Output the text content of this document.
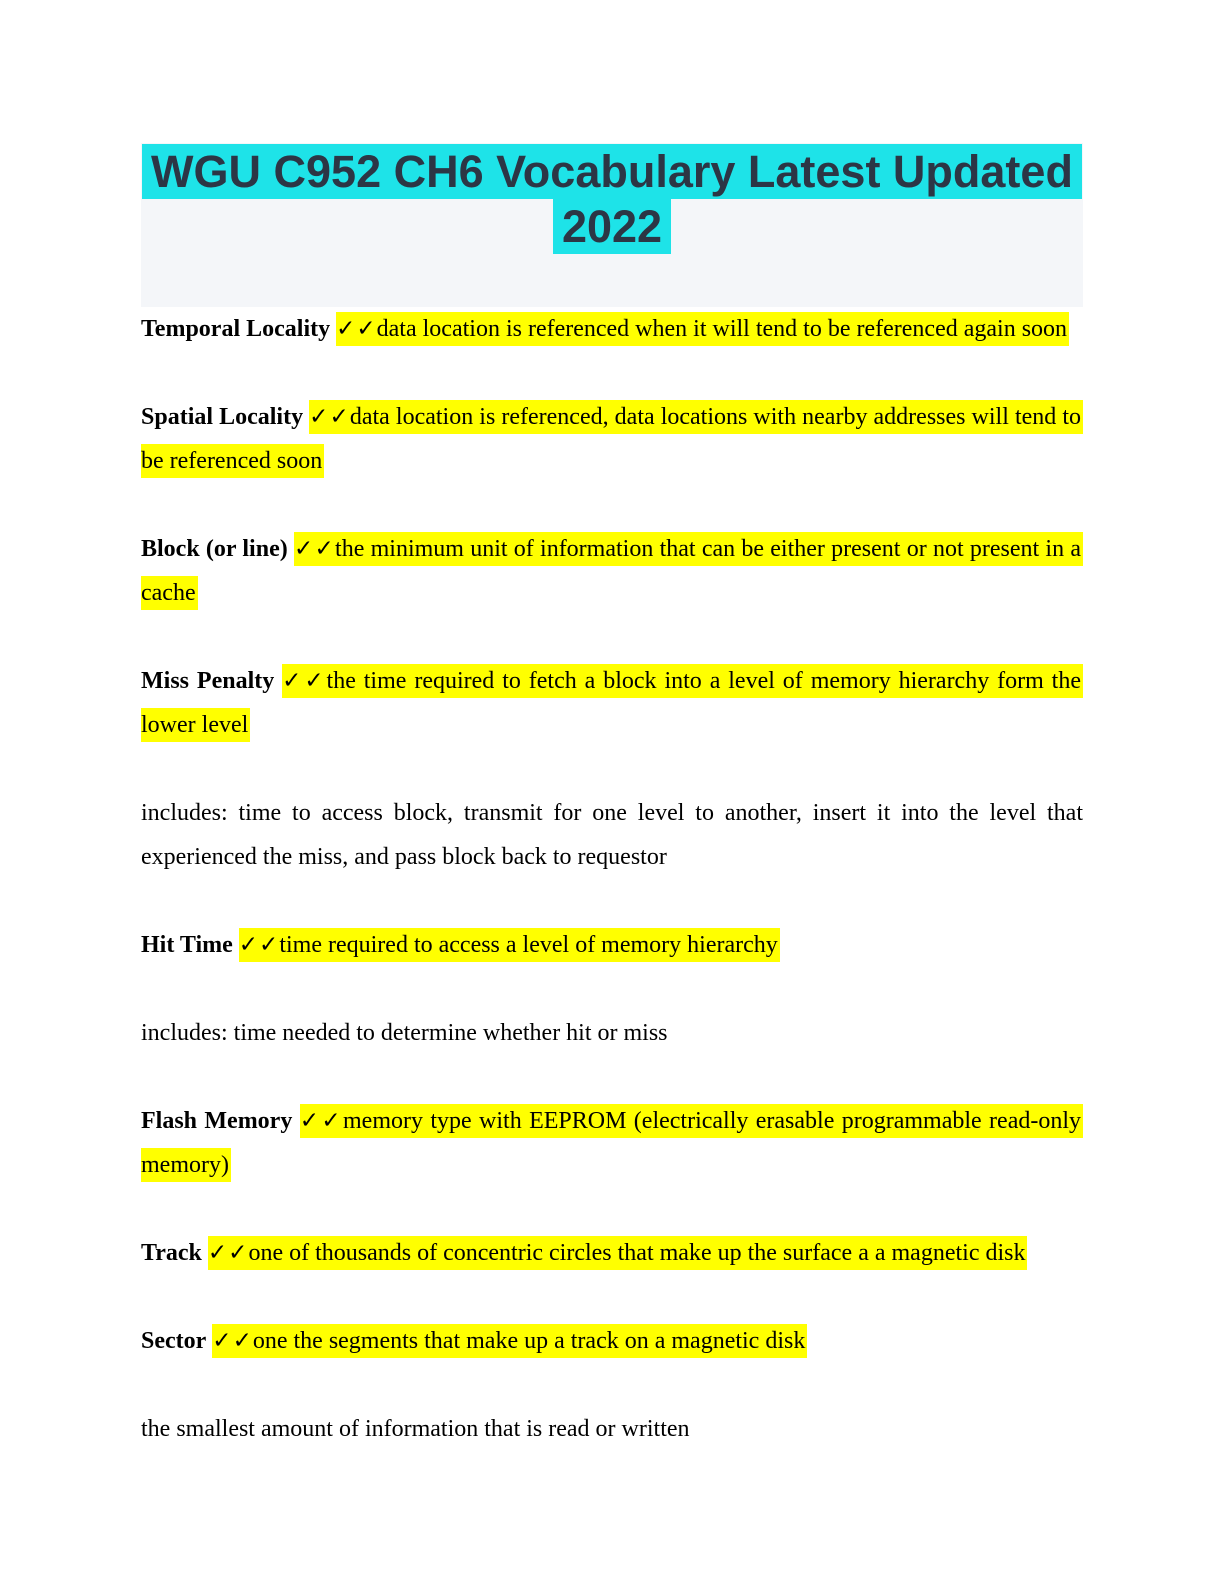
WGU C952 CH6 Vocabulary Latest Updated 2022

Temporal Locality ✓✓data location is referenced when it will tend to be referenced again soon

Spatial Locality ✓✓data location is referenced, data locations with nearby addresses will tend to be referenced soon

Block (or line) ✓✓the minimum unit of information that can be either present or not present in a cache

Miss Penalty ✓✓the time required to fetch a block into a level of memory hierarchy form the lower level

includes: time to access block, transmit for one level to another, insert it into the level that experienced the miss, and pass block back to requestor

Hit Time ✓✓time required to access a level of memory hierarchy

includes: time needed to determine whether hit or miss

Flash Memory ✓✓memory type with EEPROM (electrically erasable programmable read-only memory)

Track ✓✓one of thousands of concentric circles that make up the surface a a magnetic disk

Sector ✓✓one the segments that make up a track on a magnetic disk

the smallest amount of information that is read or written
